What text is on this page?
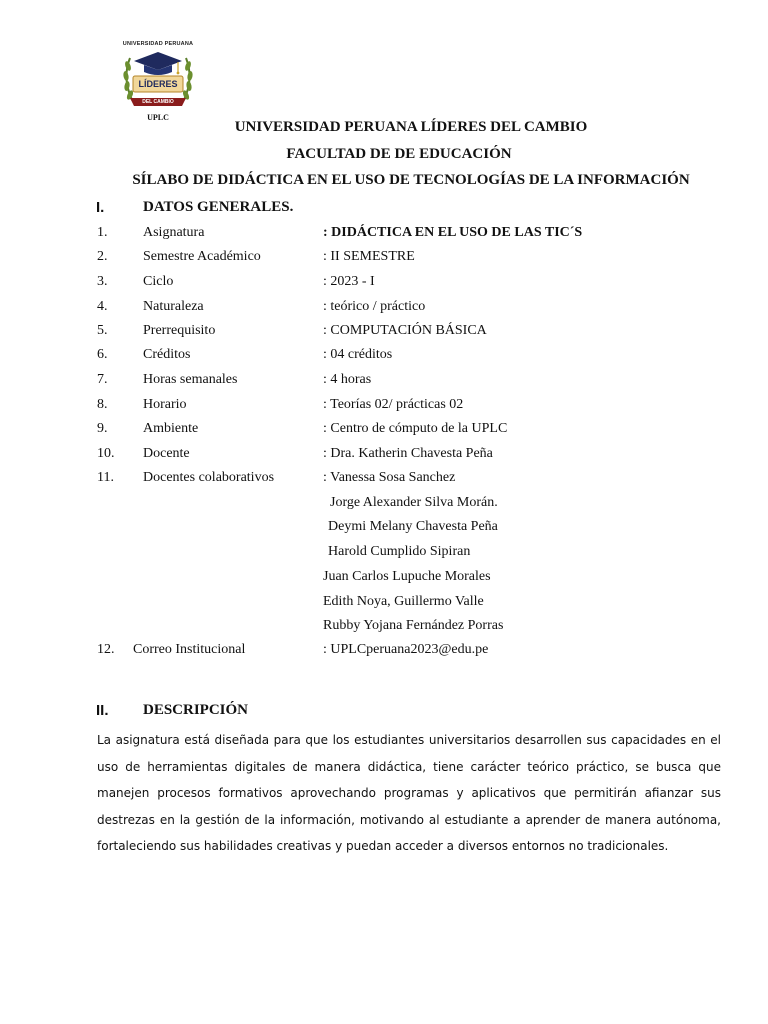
UNIVERSIDAD PERUANA
LÍDERES
DEL CAMBIO
UPLC
UNIVERSIDAD PERUANA LÍDERES DEL CAMBIO
FACULTAD DE DE EDUCACIÓN
SÍLABO DE DIDÁCTICA EN EL USO DE TECNOLOGÍAS DE LA INFORMACIÓN
I.	DATOS GENERALES.
1.	Asignatura	: DIDÁCTICA EN EL USO DE LAS TIC´S
2.	Semestre Académico	: II SEMESTRE
3.	Ciclo	: 2023 - I
4.	Naturaleza	: teórico / práctico
5.	Prerrequisito	: COMPUTACIÓN BÁSICA
6.	Créditos	: 04 créditos
7.	Horas semanales	: 4 horas
8.	Horario	: Teorías 02/ prácticas 02
9.	Ambiente	: Centro de cómputo de la UPLC
10. Docente	: Dra. Katherin Chavesta Peña
11. Docentes colaborativos	: Vanessa Sosa Sanchez
Jorge Alexander Silva Morán.
Deymi Melany Chavesta Peña
Harold Cumplido Sipiran
Juan Carlos Lupuche Morales
Edith Noya, Guillermo Valle
Rubby Yojana Fernández Porras
12. Correo Institucional	: UPLCperuana2023@edu.pe
II. DESCRIPCIÓN
La asignatura está diseñada para que los estudiantes universitarios desarrollen sus capacidades en el uso de herramientas digitales de manera didáctica, tiene carácter teórico práctico, se busca que manejen procesos formativos aprovechando programas y aplicativos que permitirán afianzar sus destrezas en la gestión de la información, motivando al estudiante a aprender de manera autónoma, fortaleciendo sus habilidades creativas y puedan acceder a diversos entornos no tradicionales.
